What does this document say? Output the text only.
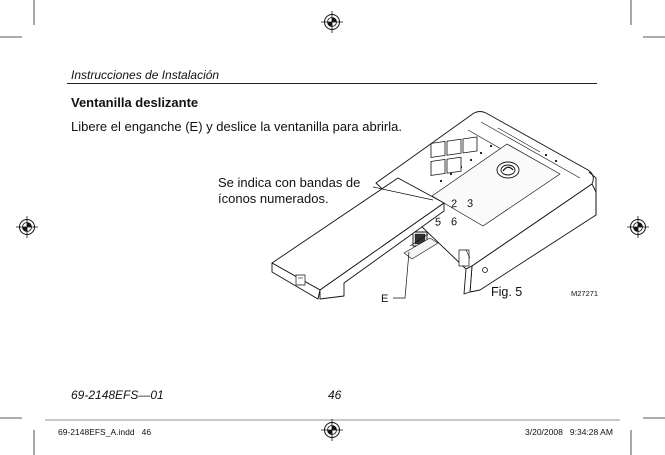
2 3
5 6
Instrucciones de Instalación
Ventanilla deslizante
Libere el enganche (E) y deslice la ventanilla para abrirla.
Se indica con bandas de
íconos numerados.
E	Fig. 5	M27271
69-2148EFS—01	46
69-2148EFS_A.indd   46	3/20/2008   9:34:28 AM
